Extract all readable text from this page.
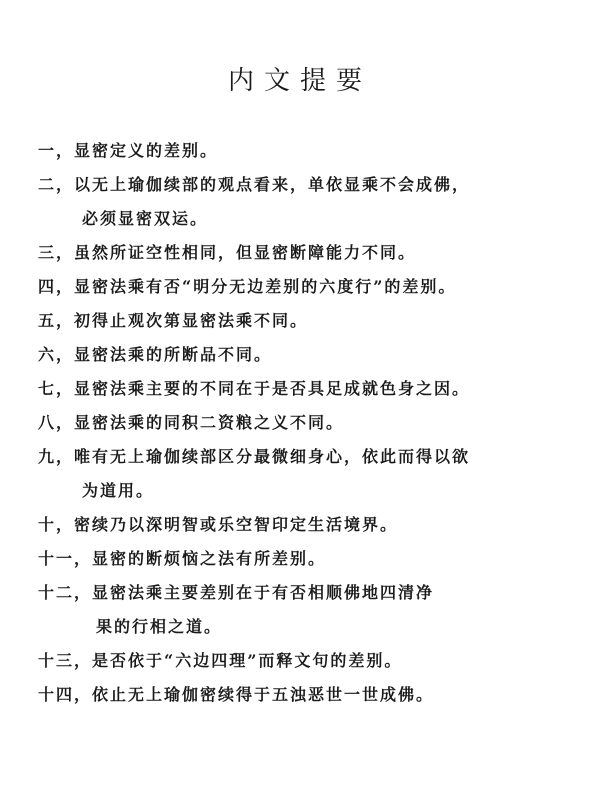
内文提要
一，显密定义的差别。
二，以无上瑜伽续部的观点看来，单依显乘不会成佛，
必须显密双运。
三，虽然所证空性相同，但显密断障能力不同。
四，显密法乘有否“明分无边差别的六度行”的差别。
五，初得止观次第显密法乘不同。
六，显密法乘的所断品不同。
七，显密法乘主要的不同在于是否具足成就色身之因。
八，显密法乘的同积二资粮之义不同。
九，唯有无上瑜伽续部区分最微细身心，依此而得以欲
为道用。
十，密续乃以深明智或乐空智印定生活境界。
十一，显密的断烦恼之法有所差别。
十二，显密法乘主要差别在于有否相顺佛地四清净
果的行相之道。
十三，是否依于“六边四理”而释文句的差别。
十四，依止无上瑜伽密续得于五浊恶世一世成佛。
